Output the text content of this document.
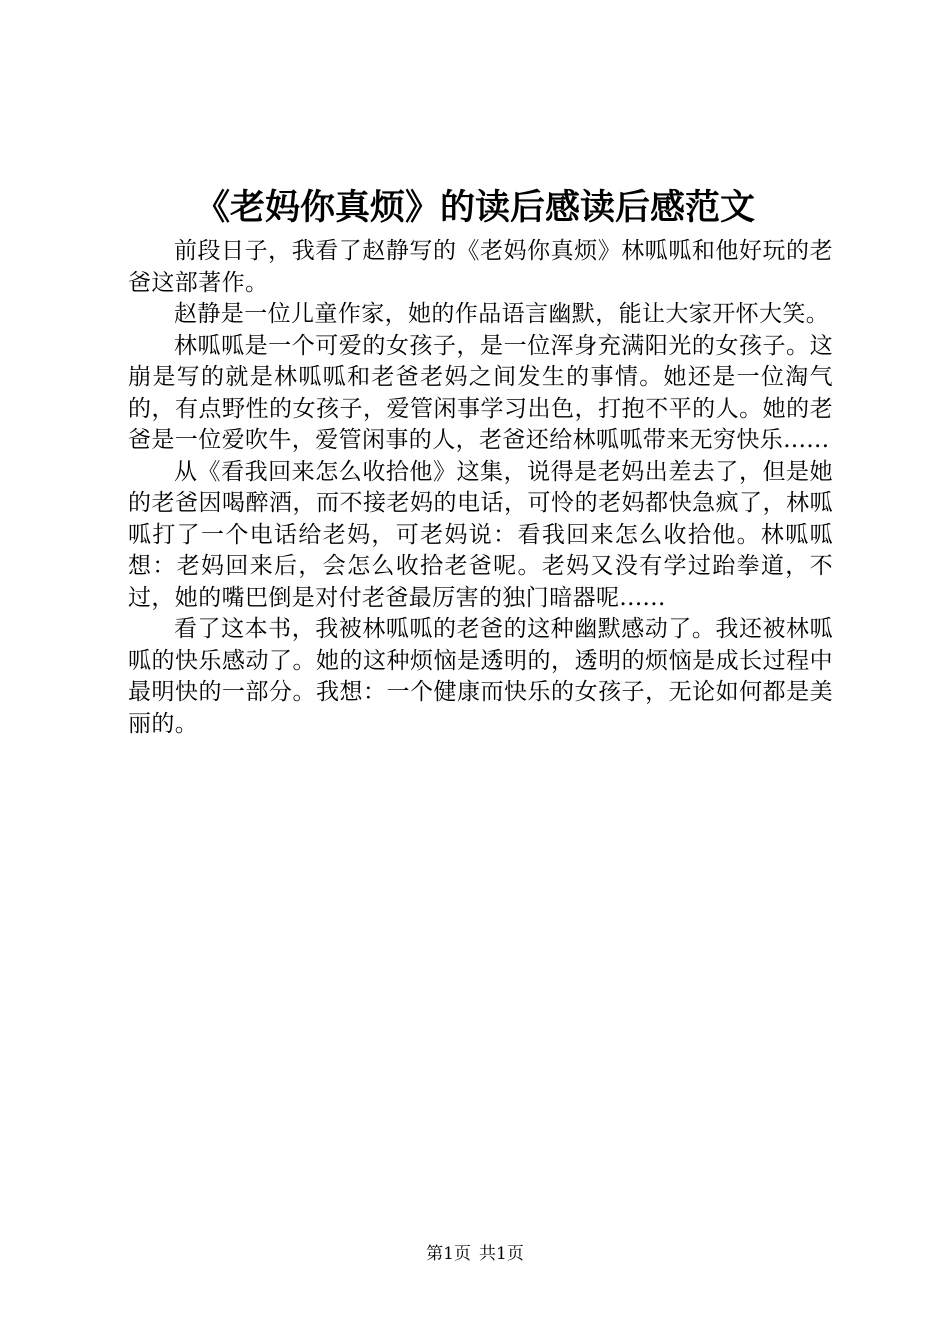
《老妈你真烦》的读后感读后感范文

前段日子，我看了赵静写的《老妈你真烦》林呱呱和他好玩的老爸这部著作。

赵静是一位儿童作家，她的作品语言幽默，能让大家开怀大笑。

林呱呱是一个可爱的女孩子，是一位浑身充满阳光的女孩子。这崩是写的就是林呱呱和老爸老妈之间发生的事情。她还是一位淘气的，有点野性的女孩子，爱管闲事学习出色，打抱不平的人。她的老爸是一位爱吹牛，爱管闲事的人，老爸还给林呱呱带来无穷快乐......

从《看我回来怎么收拾他》这集，说得是老妈出差去了，但是她的老爸因喝醉酒，而不接老妈的电话，可怜的老妈都快急疯了，林呱呱打了一个电话给老妈，可老妈说：看我回来怎么收拾他。林呱呱想：老妈回来后，会怎么收拾老爸呢。老妈又没有学过跆拳道，不过，她的嘴巴倒是对付老爸最厉害的独门暗器呢......

看了这本书，我被林呱呱的老爸的这种幽默感动了。我还被林呱呱的快乐感动了。她的这种烦恼是透明的，透明的烦恼是成长过程中最明快的一部分。我想：一个健康而快乐的女孩子，无论如何都是美丽的。

第1页 共1页
